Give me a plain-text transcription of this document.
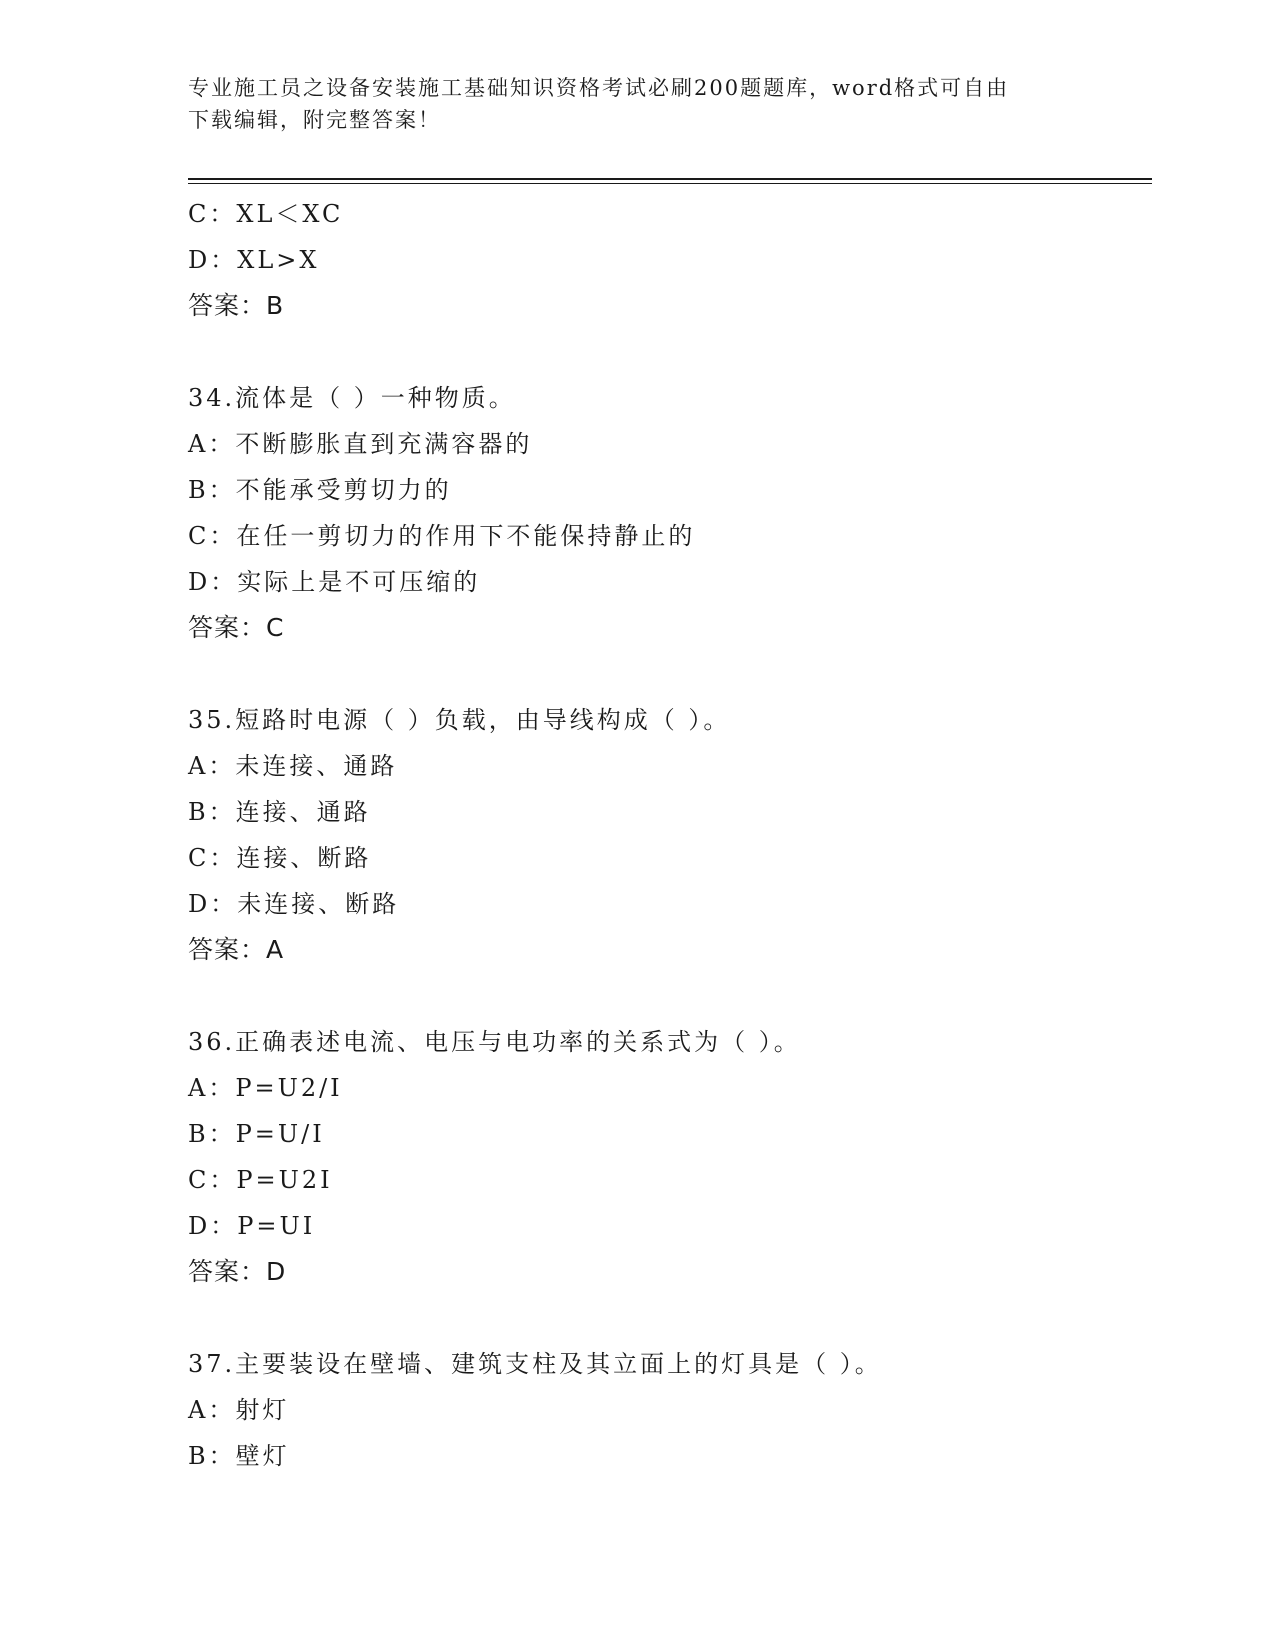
专业施工员之设备安装施工基础知识资格考试必刷200题题库，word格式可自由
下载编辑，附完整答案！
C：XL＜XC
D：XL>X
答案：B
34.流体是（ ）一种物质。
A：不断膨胀直到充满容器的
B：不能承受剪切力的
C：在任一剪切力的作用下不能保持静止的
D：实际上是不可压缩的
答案：C
35.短路时电源（ ）负载，由导线构成（ ）。
A：未连接、通路
B：连接、通路
C：连接、断路
D：未连接、断路
答案：A
36.正确表述电流、电压与电功率的关系式为（ ）。
A：P=U2/I
B：P=U/I
C：P=U2I
D：P=UI
答案：D
37.主要装设在壁墙、建筑支柱及其立面上的灯具是（ ）。
A：射灯
B：壁灯
